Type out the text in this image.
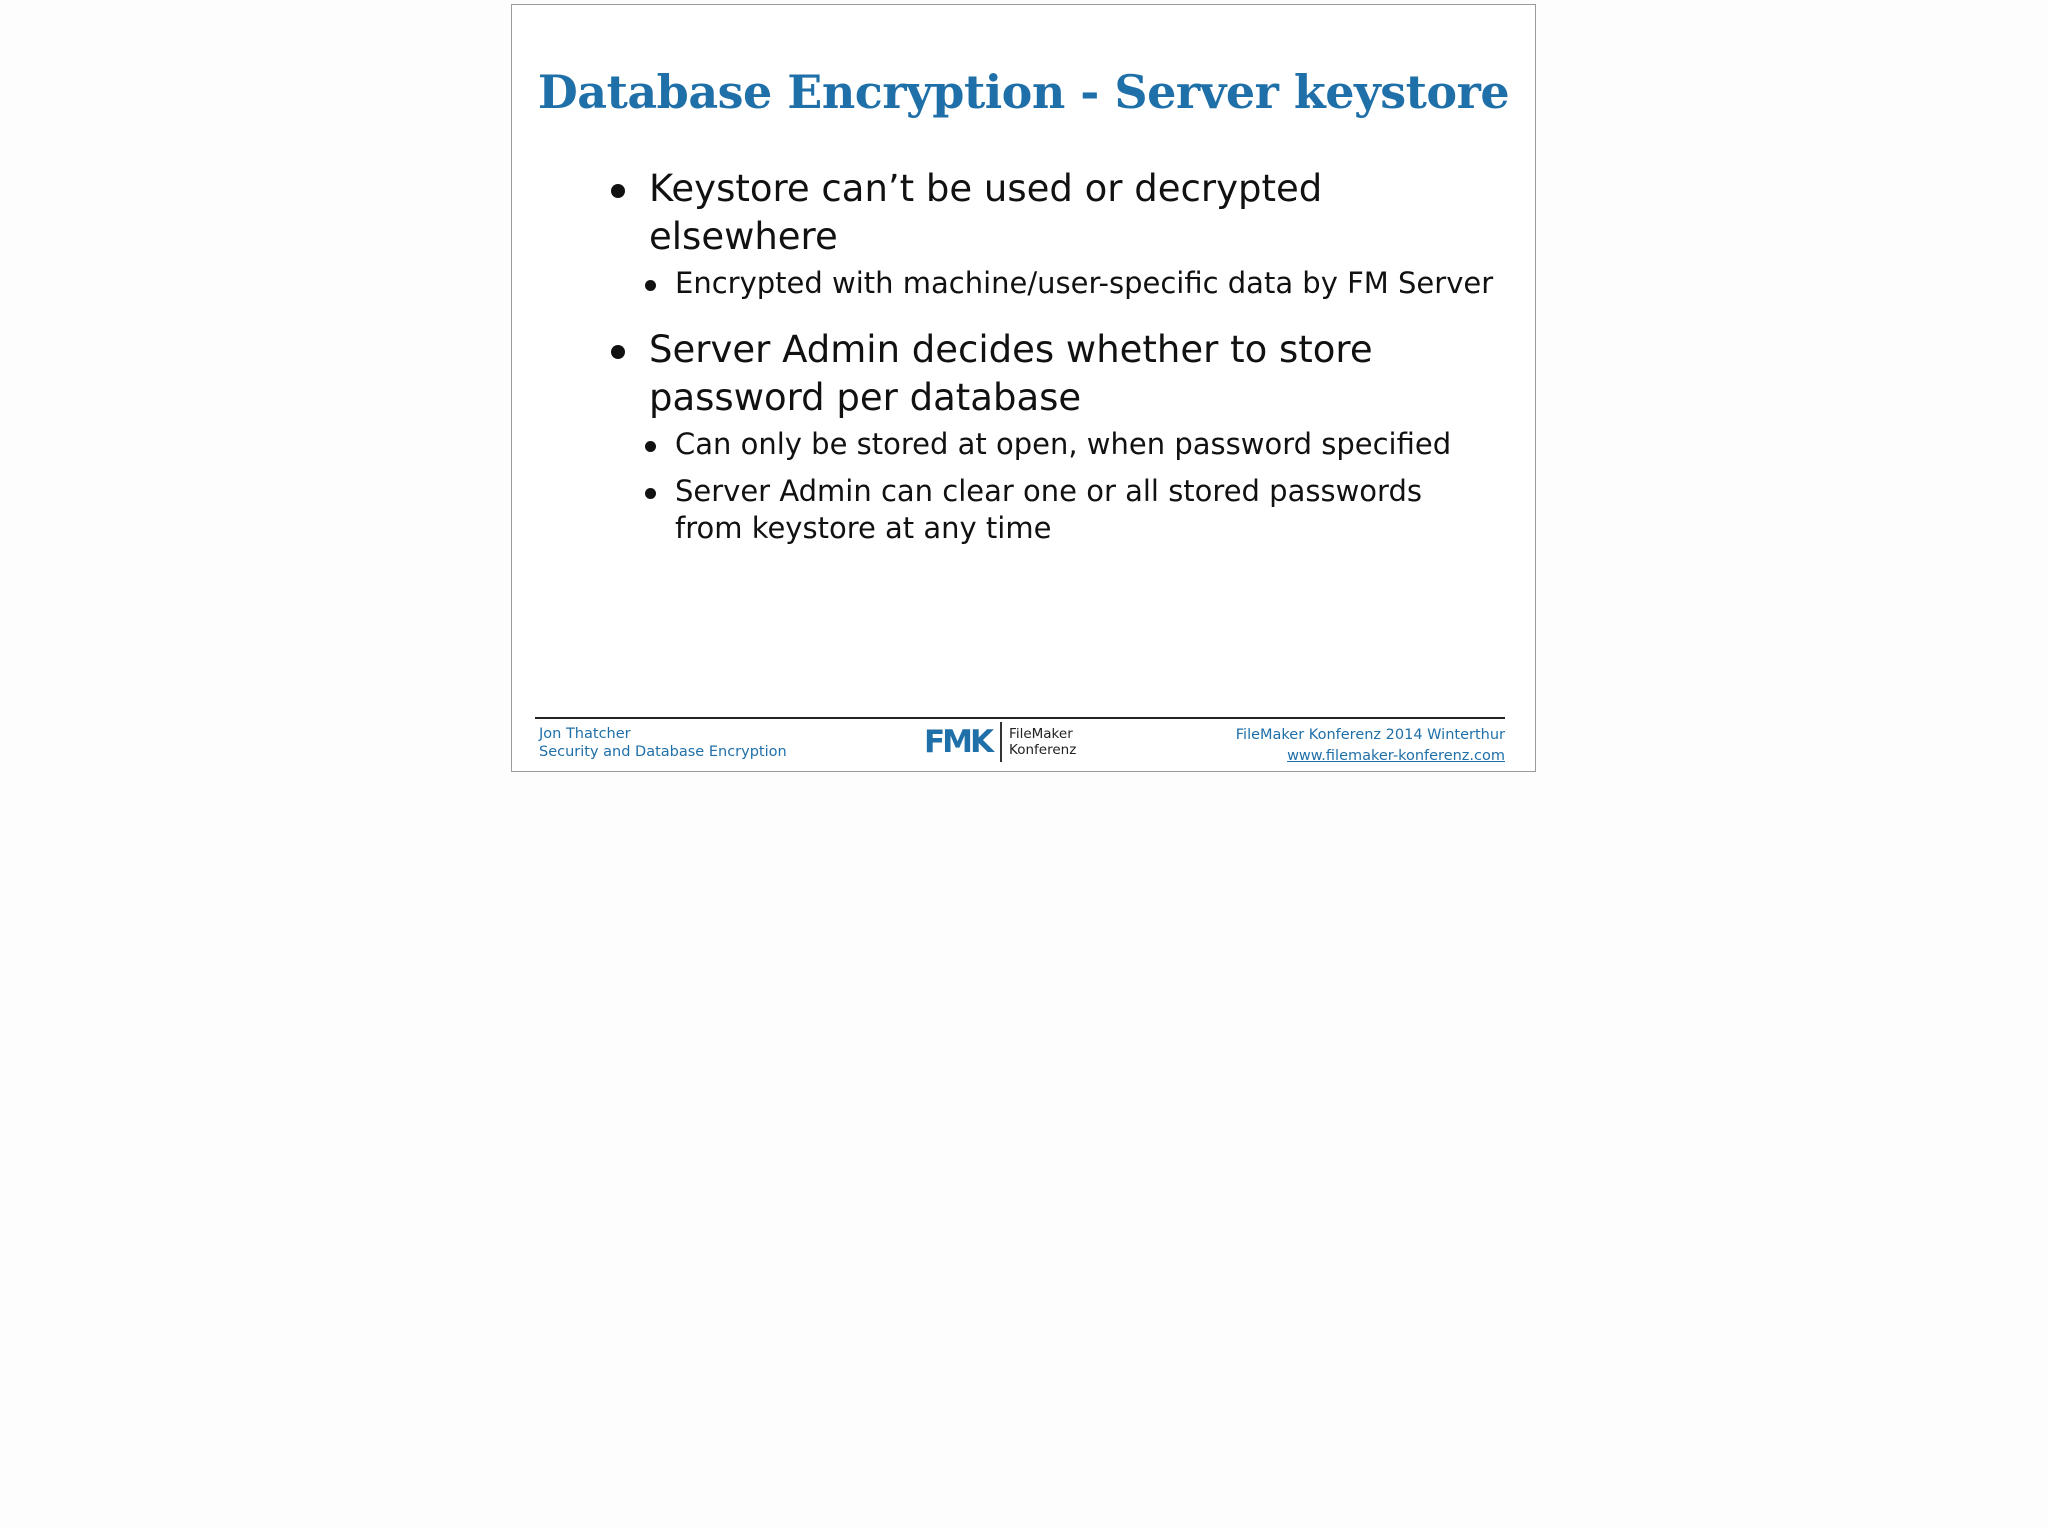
Database Encryption - Server keystore
Keystore can’t be used or decrypted elsewhere
Encrypted with machine/user-specific data by FM Server
Server Admin decides whether to store password per database
Can only be stored at open, when password specified
Server Admin can clear one or all stored passwords from keystore at any time
Jon Thatcher
Security and Database Encryption	FMK FileMaker
Konferenz
FileMaker Konferenz 2014 Winterthur
www.filemaker-konferenz.com
